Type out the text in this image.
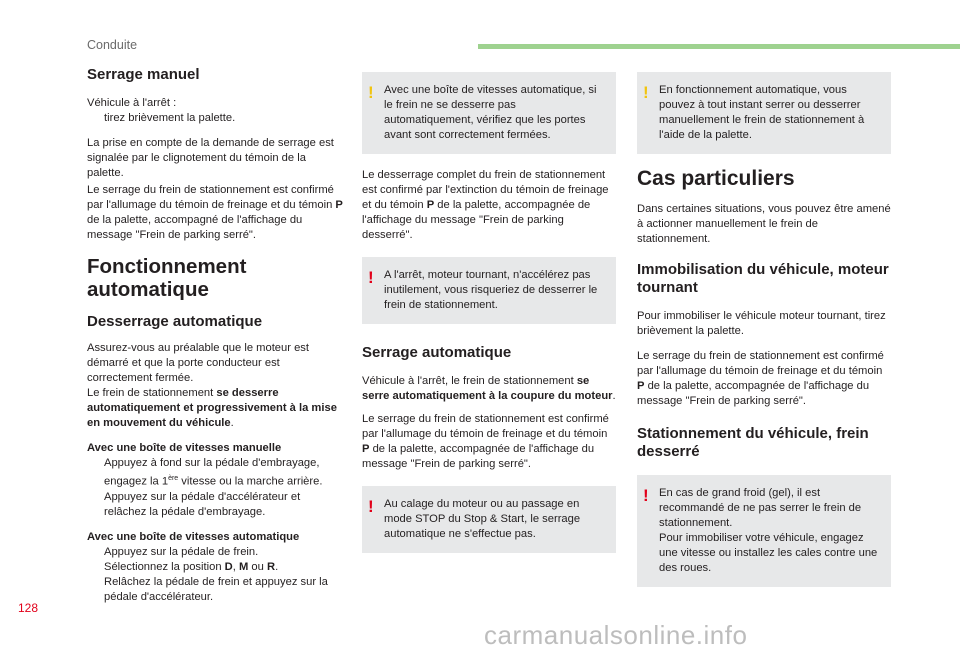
Conduite
Serrage manuel

Véhicule à l'arrêt :

tirez brièvement la palette.

La prise en compte de la demande de serrage est signalée par le clignotement du témoin de la palette.

Le serrage du frein de stationnement est confirmé par l'allumage du témoin de freinage et du témoin P de la palette, accompagné de l'affichage du message "Frein de parking serré".

Fonctionnement automatique
Desserrage automatique

Assurez-vous au préalable que le moteur est démarré et que la porte conducteur est correctement fermée.

Le frein de stationnement se desserre automatiquement et progressivement à la mise en mouvement du véhicule.

Avec une boîte de vitesses manuelle
Appuyez à fond sur la pédale d'embrayage, engagez la 1ère vitesse ou la marche arrière.
Appuyez sur la pédale d'accélérateur et relâchez la pédale d'embrayage.
Avec une boîte de vitesses automatique
Appuyez sur la pédale de frein.
Sélectionnez la position D, M ou R.
Relâchez la pédale de frein et appuyez sur la pédale d'accélérateur.
! Avec une boîte de vitesses automatique, si le frein ne se desserre pas automatiquement, vérifiez que les portes avant sont correctement fermées.

Le desserrage complet du frein de stationnement est confirmé par l'extinction du témoin de freinage et du témoin P de la palette, accompagnée de l'affichage du message "Frein de parking desserré".

! A l'arrêt, moteur tournant, n'accélérez pas inutilement, vous risqueriez de desserrer le frein de stationnement.

Serrage automatique

Véhicule à l'arrêt, le frein de stationnement se serre automatiquement à la coupure du moteur.

Le serrage du frein de stationnement est confirmé par l'allumage du témoin de freinage et du témoin P de la palette, accompagnée de l'affichage du message "Frein de parking serré".

! Au calage du moteur ou au passage en mode STOP du Stop & Start, le serrage automatique ne s'effectue pas.

! En fonctionnement automatique, vous pouvez à tout instant serrer ou desserrer manuellement le frein de stationnement à l'aide de la palette.

Cas particuliers

Dans certaines situations, vous pouvez être amené à actionner manuellement le frein de stationnement.

Immobilisation du véhicule, moteur tournant

Pour immobiliser le véhicule moteur tournant, tirez brièvement la palette.

Le serrage du frein de stationnement est confirmé par l'allumage du témoin de freinage et du témoin P de la palette, accompagnée de l'affichage du message "Frein de parking serré".

Stationnement du véhicule, frein desserré
! En cas de grand froid (gel), il est recommandé de ne pas serrer le frein de stationnement.

Pour immobiliser votre véhicule, engagez une vitesse ou installez les cales contre une des roues.

128
carmanualsonline.info
